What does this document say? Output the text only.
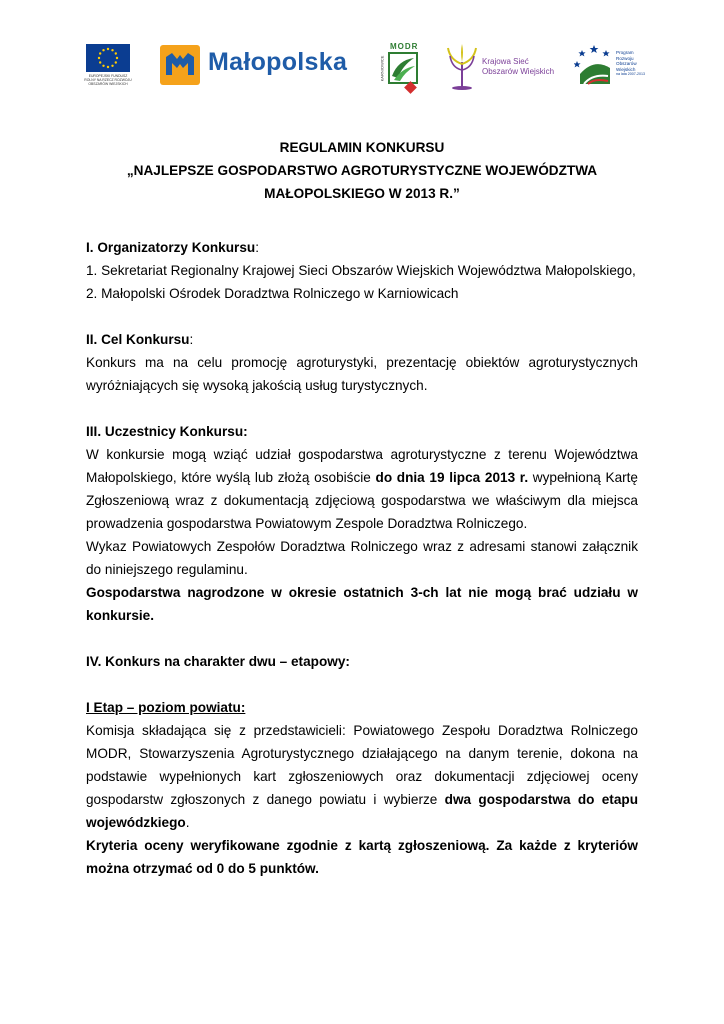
EUROPEJSKI FUNDUSZ ROLNY NA RZECZ ROZWOJU OBSZARÓW WIEJSKICH
Małopolska
MODR
KARNIOWICE	Krajowa Sieć
Obszarów Wiejskich
Program
Rozwoju
Obszarów
Wiejskich
na lata 2007-2013

REGULAMIN KONKURSU

„NAJLEPSZE GOSPODARSTWO AGROTURYSTYCZNE WOJEWÓDZTWA

MAŁOPOLSKIEGO W 2013 R.”

I. Organizatorzy Konkursu:

1. Sekretariat Regionalny Krajowej Sieci Obszarów Wiejskich Województwa Małopolskiego,

2. Małopolski Ośrodek Doradztwa Rolniczego w Karniowicach

II. Cel Konkursu:

Konkurs ma na celu promocję agroturystyki, prezentację obiektów agroturystycznych wyróżniających się wysoką jakością usług turystycznych.

III. Uczestnicy Konkursu:

W konkursie mogą wziąć udział gospodarstwa agroturystyczne z terenu Województwa Małopolskiego, które wyślą lub złożą osobiście do dnia 19 lipca 2013 r. wypełnioną Kartę Zgłoszeniową wraz z dokumentacją zdjęciową gospodarstwa we właściwym dla miejsca prowadzenia gospodarstwa Powiatowym Zespole Doradztwa Rolniczego.

Wykaz Powiatowych Zespołów Doradztwa Rolniczego wraz z adresami stanowi załącznik do niniejszego regulaminu.

Gospodarstwa nagrodzone w okresie ostatnich 3-ch lat nie mogą brać udziału w konkursie.

IV. Konkurs na charakter dwu – etapowy:

I Etap – poziom powiatu:

Komisja składająca się z przedstawicieli: Powiatowego Zespołu Doradztwa Rolniczego MODR, Stowarzyszenia Agroturystycznego działającego na danym terenie, dokona na podstawie wypełnionych kart zgłoszeniowych oraz dokumentacji zdjęciowej oceny gospodarstw zgłoszonych z danego powiatu i wybierze dwa gospodarstwa do etapu wojewódzkiego.

Kryteria oceny weryfikowane zgodnie z kartą zgłoszeniową. Za każde z kryteriów można otrzymać od 0 do 5 punktów.
